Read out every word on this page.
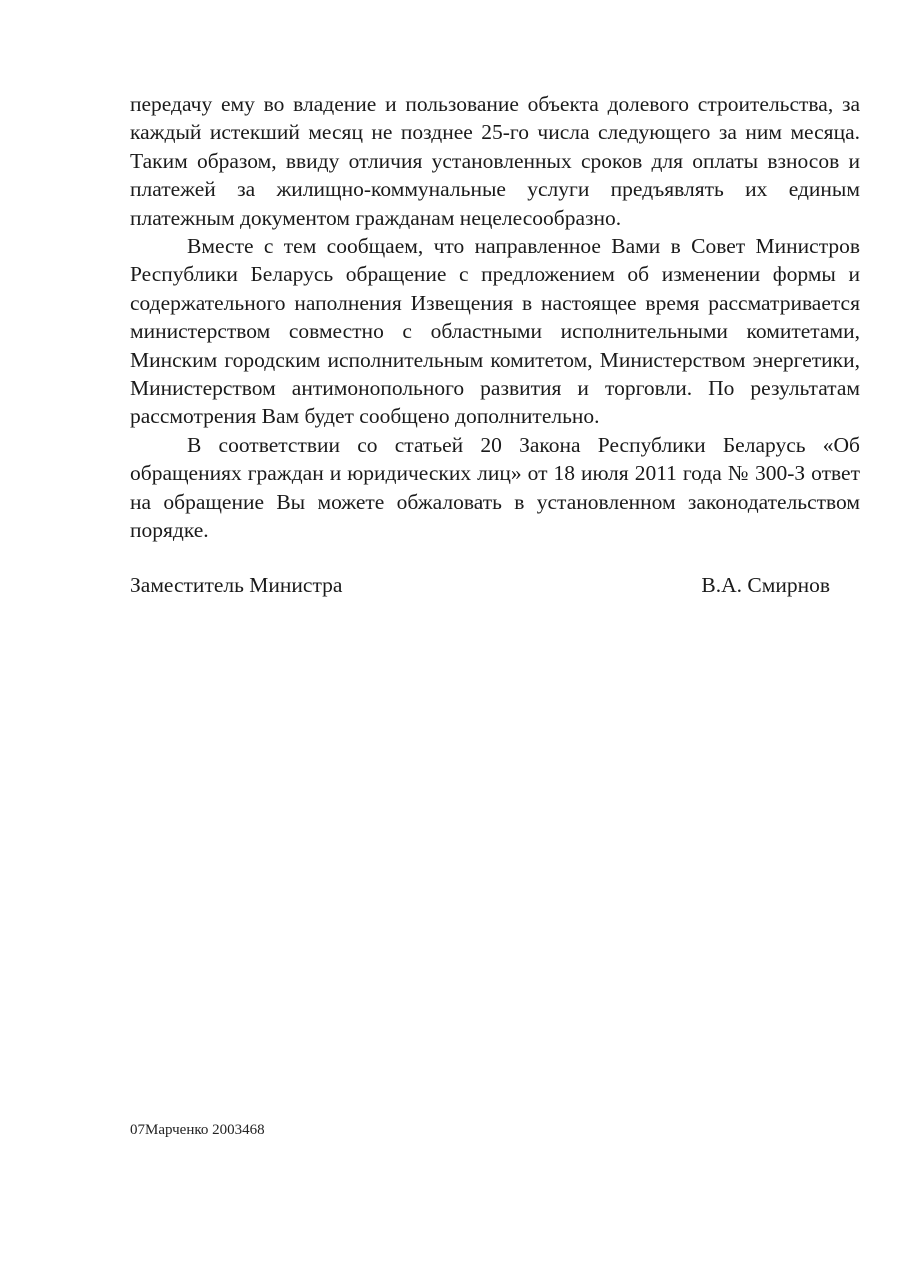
передачу ему во владение и пользование объекта долевого строительства, за каждый истекший месяц не позднее 25-го числа следующего за ним месяца. Таким образом, ввиду отличия установленных сроков для оплаты взносов и платежей за жилищно-коммунальные услуги предъявлять их единым платежным документом гражданам нецелесообразно.

Вместе с тем сообщаем, что направленное Вами в Совет Министров Республики Беларусь обращение с предложением об изменении формы и содержательного наполнения Извещения в настоящее время рассматривается министерством совместно с областными исполнительными комитетами, Минским городским исполнительным комитетом, Министерством энергетики, Министерством антимонопольного развития и торговли. По результатам рассмотрения Вам будет сообщено дополнительно.

В соответствии со статьей 20 Закона Республики Беларусь «Об обращениях граждан и юридических лиц» от 18 июля 2011 года № 300-З ответ на обращение Вы можете обжаловать в установленном законодательством порядке.

Заместитель Министра	В.А. Смирнов
07Марченко 2003468
